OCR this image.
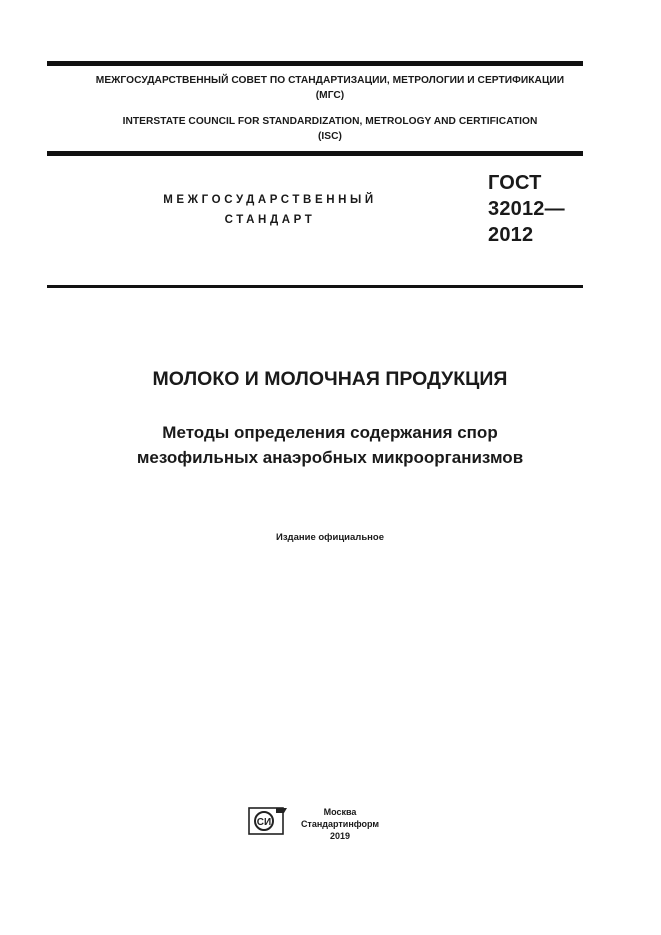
МЕЖГОСУДАРСТВЕННЫЙ СОВЕТ ПО СТАНДАРТИЗАЦИИ, МЕТРОЛОГИИ И СЕРТИФИКАЦИИ
(МГС)
INTERSTATE COUNCIL FOR STANDARDIZATION, METROLOGY AND CERTIFICATION
(ISC)
МЕЖГОСУДАРСТВЕННЫЙ
СТАНДАРТ
ГОСТ
32012—
2012
МОЛОКО И МОЛОЧНАЯ ПРОДУКЦИЯ
Методы определения содержания спор
мезофильных анаэробных микроорганизмов
Издание официальное
СИ
Москва
Стандартинформ
2019
